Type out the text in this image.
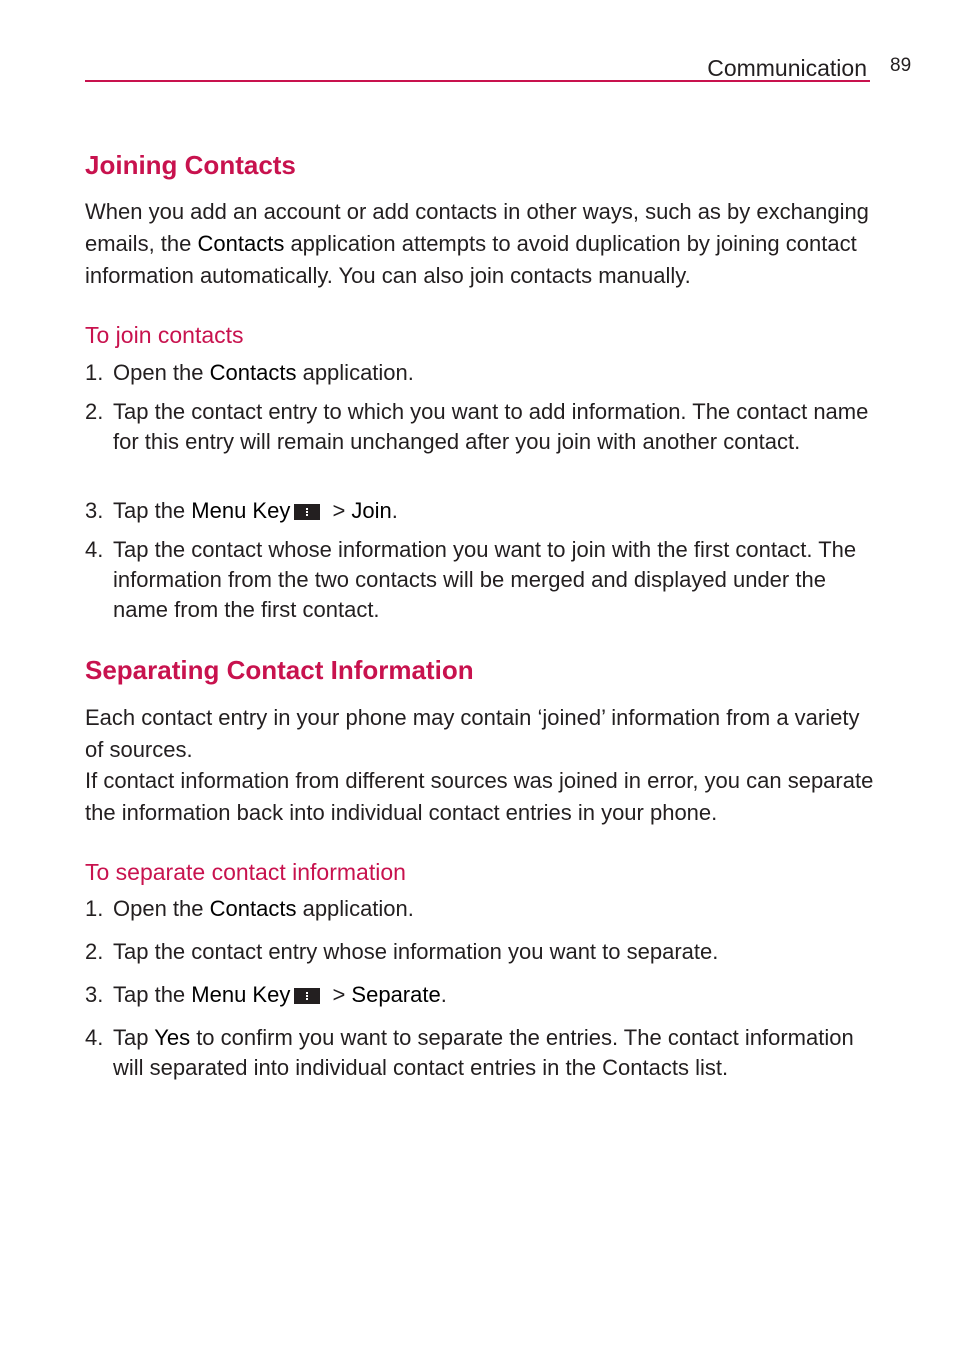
Communication 89
Joining Contacts
When you add an account or add contacts in other ways, such as by exchanging emails, the Contacts application attempts to avoid duplication by joining contact information automatically. You can also join contacts manually.
To join contacts
1. Open the Contacts application.
2. Tap the contact entry to which you want to add information. The contact name for this entry will remain unchanged after you join with another contact.
3. Tap the Menu Key > Join.
4. Tap the contact whose information you want to join with the first contact. The information from the two contacts will be merged and displayed under the name from the first contact.
Separating Contact Information
Each contact entry in your phone may contain ‘joined’ information from a variety of sources.
If contact information from different sources was joined in error, you can separate the information back into individual contact entries in your phone.
To separate contact information
1. Open the Contacts application.
2. Tap the contact entry whose information you want to separate.
3. Tap the Menu Key > Separate.
4. Tap Yes to confirm you want to separate the entries. The contact information will separated into individual contact entries in the Contacts list.
